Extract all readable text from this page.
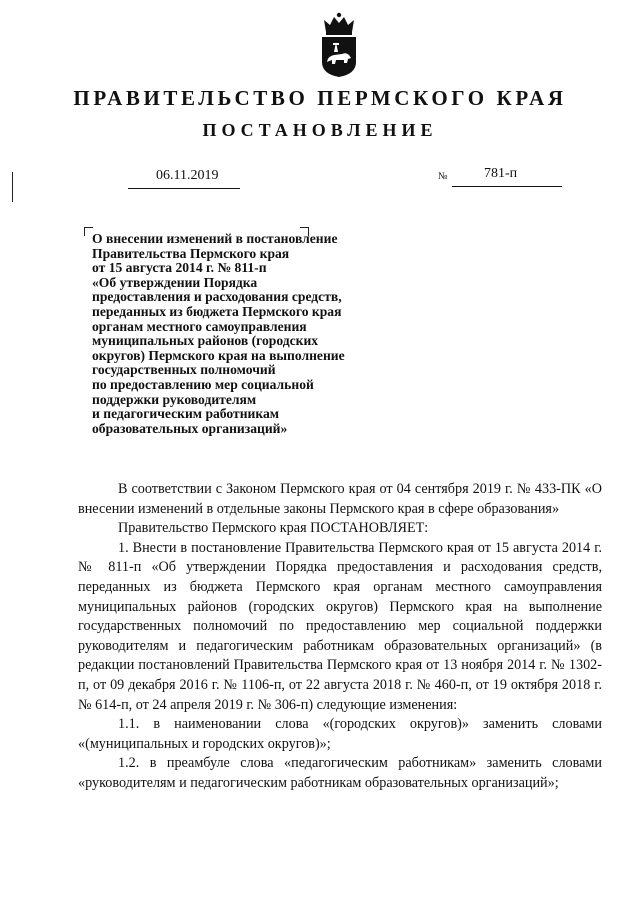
ПРАВИТЕЛЬСТВО ПЕРМСКОГО КРАЯ
ПОСТАНОВЛЕНИЕ
06.11.2019	№	781-п
О внесении изменений в постановление
Правительства Пермского края
от 15 августа 2014 г. № 811-п
«Об утверждении Порядка
предоставления и расходования средств,
переданных из бюджета Пермского края
органам местного самоуправления
муниципальных районов (городских
округов) Пермского края на выполнение
государственных полномочий
по предоставлению мер социальной
поддержки руководителям
и педагогическим работникам
образовательных организаций»

В соответствии с Законом Пермского края от 04 сентября 2019 г. № 433-ПК «О внесении изменений в отдельные законы Пермского края в сфере образования»

Правительство Пермского края ПОСТАНОВЛЯЕТ:

1. Внести в постановление Правительства Пермского края от 15 августа 2014 г. № 811-п «Об утверждении Порядка предоставления и расходования средств, переданных из бюджета Пермского края органам местного самоуправления муниципальных районов (городских округов) Пермского края на выполнение государственных полномочий по предоставлению мер социальной поддержки руководителям и педагогическим работникам образовательных организаций» (в редакции постановлений Правительства Пермского края от 13 ноября 2014 г. № 1302-п, от 09 декабря 2016 г. № 1106-п, от 22 августа 2018 г. № 460-п, от 19 октября 2018 г. № 614-п, от 24 апреля 2019 г. № 306-п) следующие изменения:

1.1. в наименовании слова «(городских округов)» заменить словами «(муниципальных и городских округов)»;

1.2. в преамбуле слова «педагогическим работникам» заменить словами «руководителям и педагогическим работникам образовательных организаций»;
